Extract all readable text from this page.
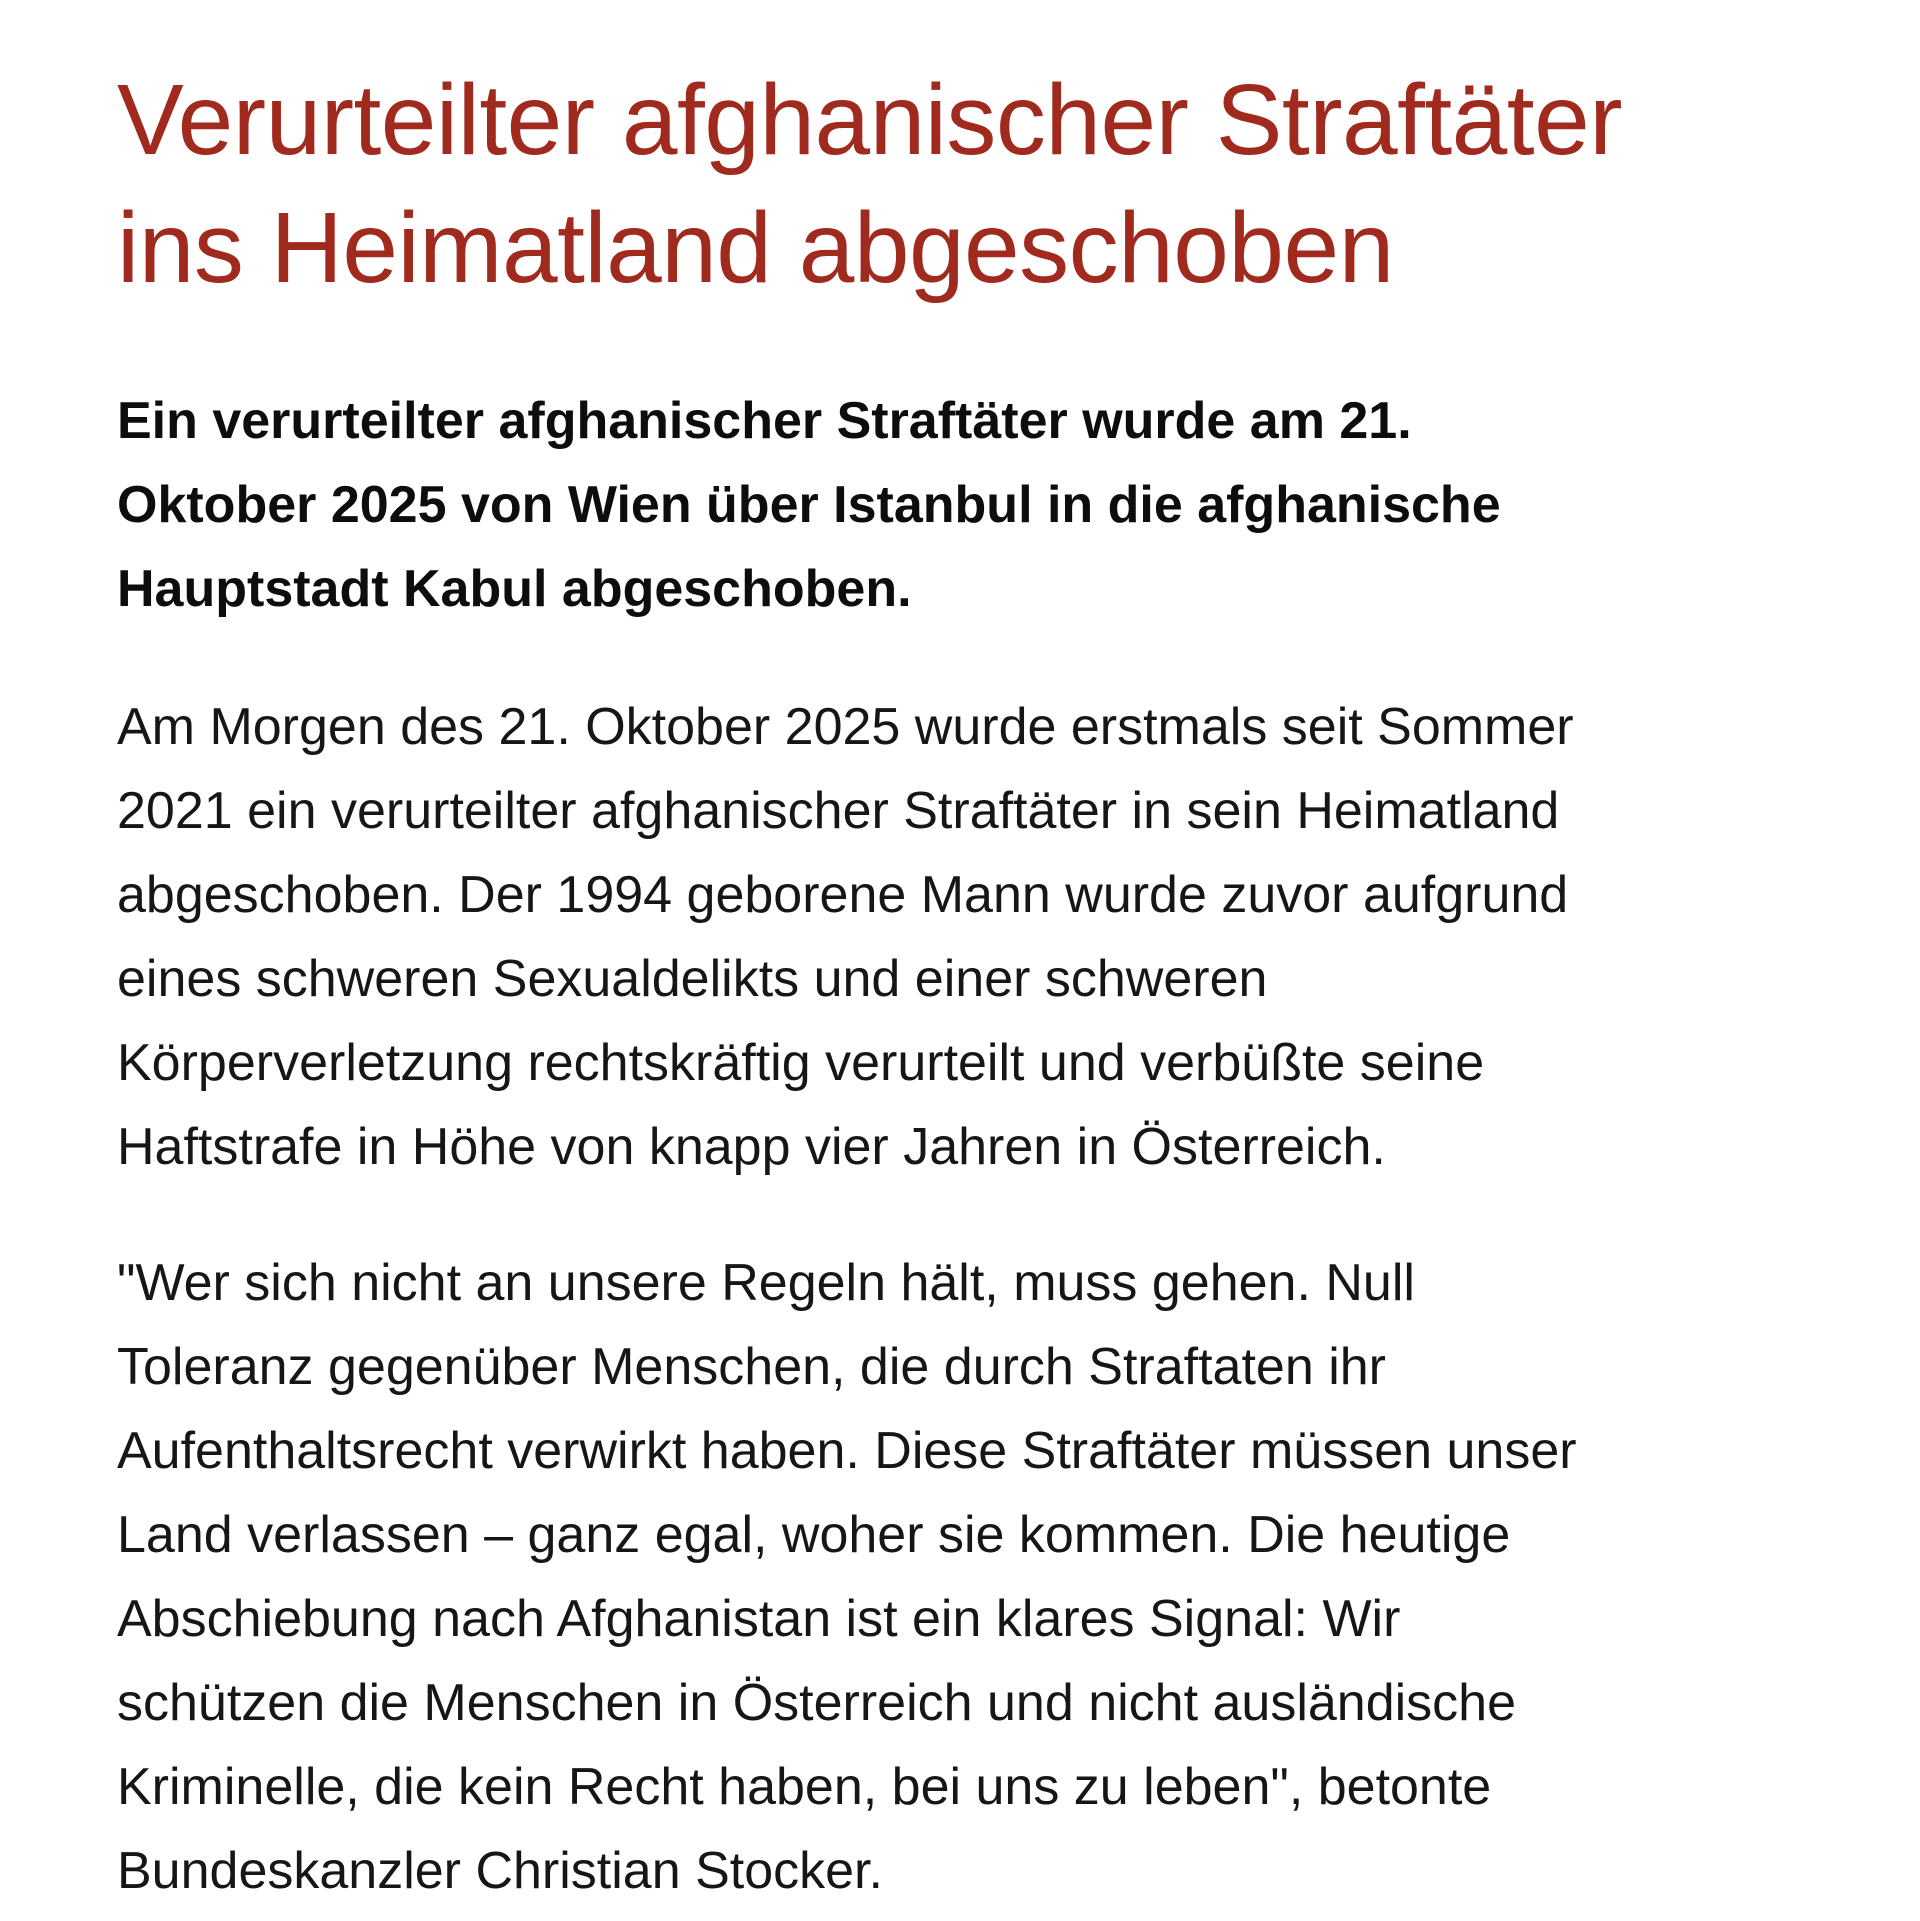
Verurteilter afghanischer Straftäter
ins Heimatland abgeschoben

Ein verurteilter afghanischer Straftäter wurde am 21.
Oktober 2025 von Wien über Istanbul in die afghanische
Hauptstadt Kabul abgeschoben.

Am Morgen des 21. Oktober 2025 wurde erstmals seit Sommer
2021 ein verurteilter afghanischer Straftäter in sein Heimatland
abgeschoben. Der 1994 geborene Mann wurde zuvor aufgrund
eines schweren Sexualdelikts und einer schweren
Körperverletzung rechtskräftig verurteilt und verbüßte seine
Haftstrafe in Höhe von knapp vier Jahren in Österreich.

"Wer sich nicht an unsere Regeln hält, muss gehen. Null
Toleranz gegenüber Menschen, die durch Straftaten ihr
Aufenthaltsrecht verwirkt haben. Diese Straftäter müssen unser
Land verlassen – ganz egal, woher sie kommen. Die heutige
Abschiebung nach Afghanistan ist ein klares Signal: Wir
schützen die Menschen in Österreich und nicht ausländische
Kriminelle, die kein Recht haben, bei uns zu leben", betonte
Bundeskanzler Christian Stocker.
